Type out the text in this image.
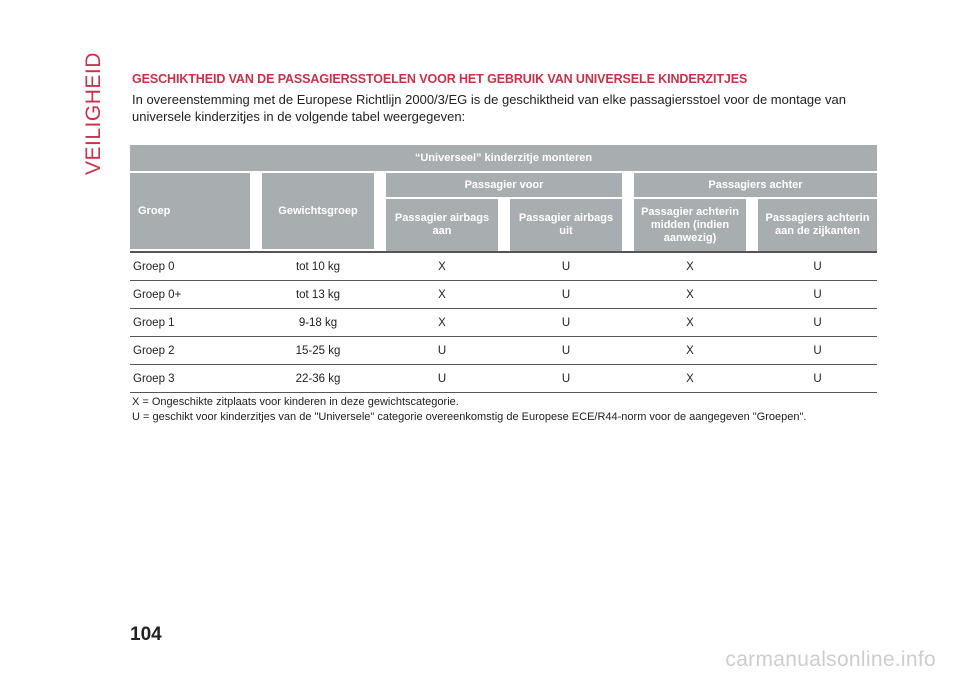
VEILIGHEID GESCHIKTHEID VAN DE PASSAGIERSSTOELEN VOOR HET GEBRUIK VAN UNIVERSELE KINDERZITJES
In overeenstemming met de Europese Richtlijn 2000/3/EG is de geschiktheid van elke passagiersstoel voor de montage van universele kinderzitjes in de volgende tabel weergegeven:
“Universeel” kinderzitje monteren										
Groep		Gewichtsgroep		Passagier voor				Passagiers achter		
				Passagier airbags aan		Passagier airbags uit		Passagier achterin midden (indien aanwezig)		Passagiers achterin aan de zijkanten
Groep 0		tot 10 kg		X		U		X		U
Groep 0+		tot 13 kg		X		U		X		U
Groep 1		9-18 kg		X		U		X		U
Groep 2		15-25 kg		U		U		X		U
Groep 3		22-36 kg		U		U		X		U
X = Ongeschikte zitplaats voor kinderen in deze gewichtscategorie.
U = geschikt voor kinderzitjes van de "Universele" categorie overeenkomstig de Europese ECE/R44-norm voor de aangegeven "Groepen".
104
carmanualsonline.info
